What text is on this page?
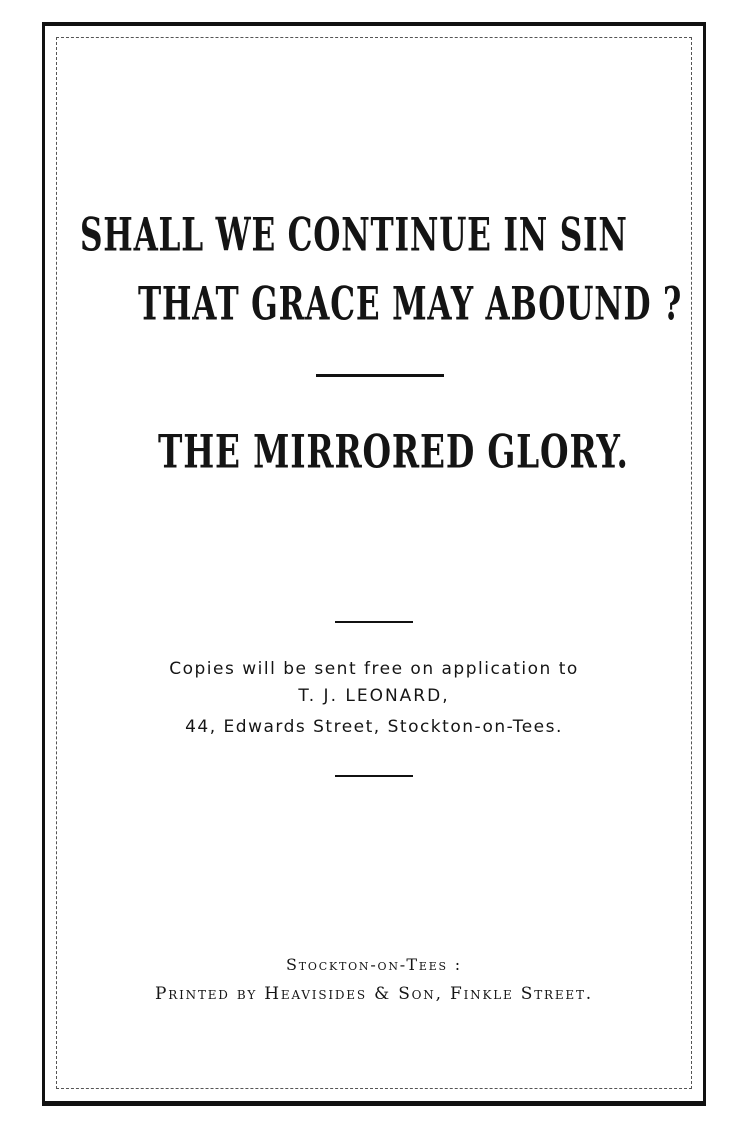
SHALL WE CONTINUE IN SIN
THAT GRACE MAY ABOUND ?
THE MIRRORED GLORY.
Copies will be sent free on application to
T. J. LEONARD,
44, Edwards Street, Stockton-on-Tees.
Stockton-on-Tees :
Printed by Heavisides & Son, Finkle Street.
